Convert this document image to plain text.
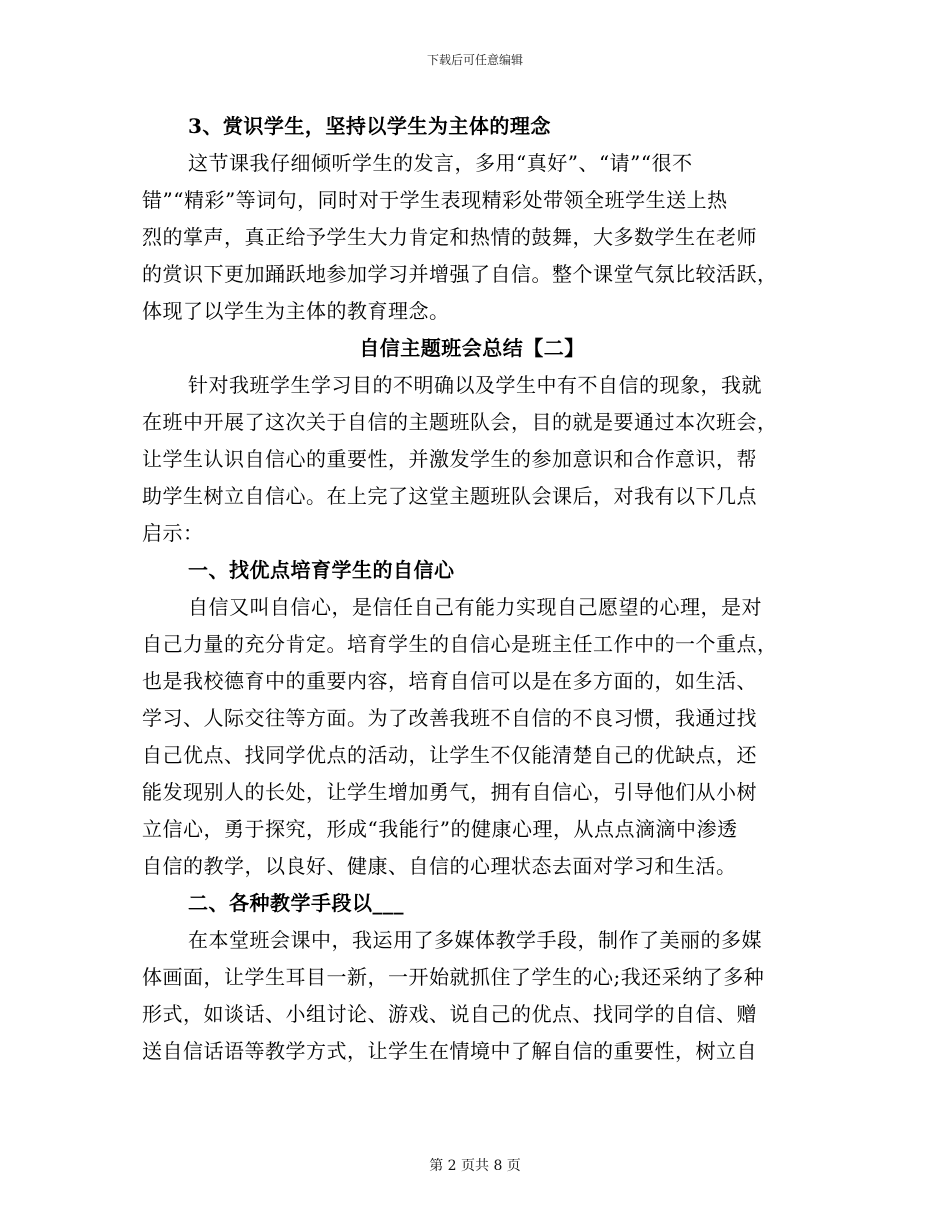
下载后可任意编辑
3、赏识学生，坚持以学生为主体的理念
这节课我仔细倾听学生的发言，多用“真好”、“请”“很不
错”“精彩”等词句，同时对于学生表现精彩处带领全班学生送上热
烈的掌声，真正给予学生大力肯定和热情的鼓舞，大多数学生在老师
的赏识下更加踊跃地参加学习并增强了自信。整个课堂气氛比较活跃，
体现了以学生为主体的教育理念。
自信主题班会总结【二】
针对我班学生学习目的不明确以及学生中有不自信的现象，我就
在班中开展了这次关于自信的主题班队会，目的就是要通过本次班会，
让学生认识自信心的重要性，并激发学生的参加意识和合作意识，帮
助学生树立自信心。在上完了这堂主题班队会课后，对我有以下几点
启示：
一、找优点培育学生的自信心
自信又叫自信心，是信任自己有能力实现自己愿望的心理，是对
自己力量的充分肯定。培育学生的自信心是班主任工作中的一个重点，
也是我校德育中的重要内容，培育自信可以是在多方面的，如生活、
学习、人际交往等方面。为了改善我班不自信的不良习惯，我通过找
自己优点、找同学优点的活动，让学生不仅能清楚自己的优缺点，还
能发现别人的长处，让学生增加勇气，拥有自信心，引导他们从小树
立信心，勇于探究，形成“我能行”的健康心理，从点点滴滴中渗透
自信的教学，以良好、健康、自信的心理状态去面对学习和生活。
二、各种教学手段以___
在本堂班会课中，我运用了多媒体教学手段，制作了美丽的多媒
体画面，让学生耳目一新，一开始就抓住了学生的心;我还采纳了多种
形式，如谈话、小组讨论、游戏、说自己的优点、找同学的自信、赠
送自信话语等教学方式，让学生在情境中了解自信的重要性，树立自
第 2 页共 8 页
